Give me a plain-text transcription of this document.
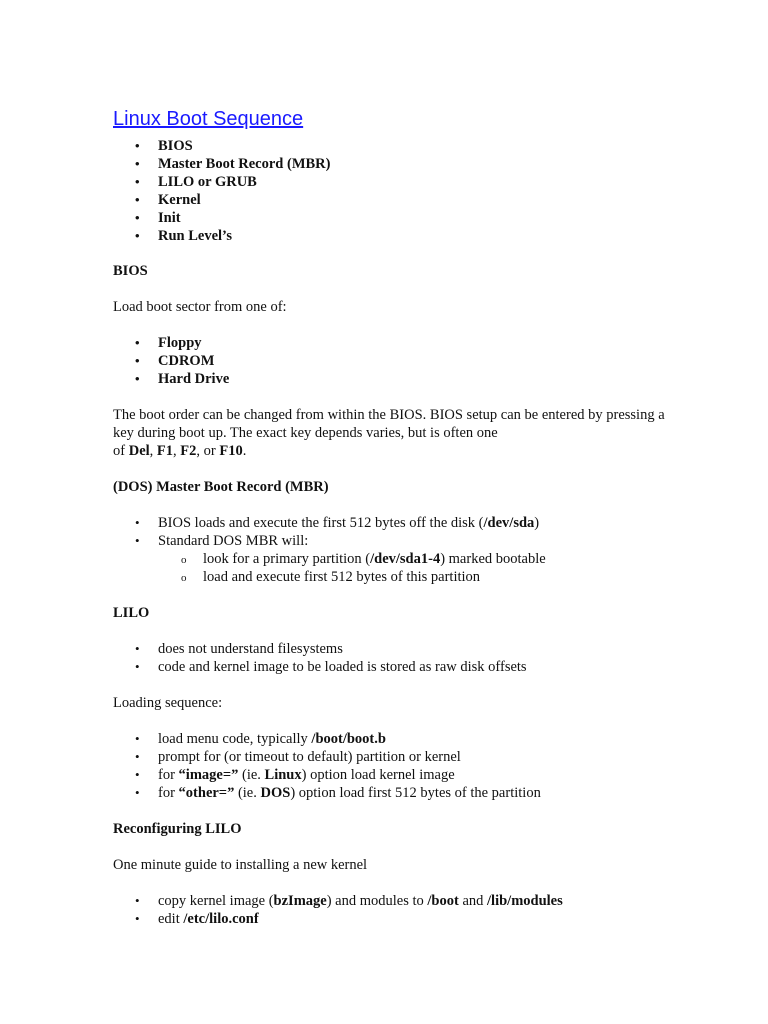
Linux Boot Sequence
• BIOS
• Master Boot Record (MBR)
• LILO or GRUB
• Kernel
• Init
• Run Level’s

BIOS

Load boot sector from one of:

• Floppy
• CDROM
• Hard Drive

The boot order can be changed from within the BIOS. BIOS setup can be entered by pressing a key during boot up. The exact key depends varies, but is often one
of Del, F1, F2, or F10.

(DOS) Master Boot Record (MBR)

• BIOS loads and execute the first 512 bytes off the disk (/dev/sda)
• Standard DOS MBR will:
o look for a primary partition (/dev/sda1-4) marked bootable
o load and execute first 512 bytes of this partition

LILO

• does not understand filesystems
• code and kernel image to be loaded is stored as raw disk offsets

Loading sequence:

• load menu code, typically /boot/boot.b
• prompt for (or timeout to default) partition or kernel
• for “image=” (ie. Linux) option load kernel image
• for “other=” (ie. DOS) option load first 512 bytes of the partition

Reconfiguring LILO

One minute guide to installing a new kernel

• copy kernel image (bzImage) and modules to /boot and /lib/modules
• edit /etc/lilo.conf
